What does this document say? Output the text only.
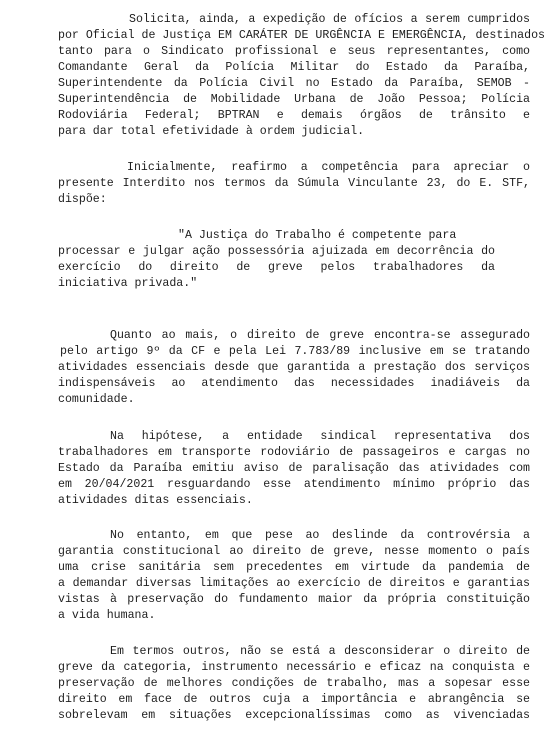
Solicita, ainda, a expedição de ofícios a serem cumpridos
por Oficial de Justiça EM CARÁTER DE URGÊNCIA E EMERGÊNCIA, destinados
tanto para o Sindicato profissional e seus representantes, como
Comandante Geral da Polícia Militar do Estado da Paraíba,
Superintendente da Polícia Civil no Estado da Paraíba, SEMOB -
Superintendência de Mobilidade Urbana de João Pessoa; Polícia
Rodoviária Federal; BPTRAN e demais órgãos de trânsito e
para dar total efetividade à ordem judicial.
Inicialmente, reafirmo a competência para apreciar o
presente Interdito nos termos da Súmula Vinculante 23, do E. STF,
dispõe:
"A Justiça do Trabalho é competente para
processar e julgar ação possessória ajuizada em decorrência do
exercício do direito de greve pelos trabalhadores da
iniciativa privada."
Quanto ao mais, o direito de greve encontra-se assegurado
pelo artigo 9º da CF e pela Lei 7.783/89 inclusive em se tratando
atividades essenciais desde que garantida a prestação dos serviços
indispensáveis ao atendimento das necessidades inadiáveis da
comunidade.
Na hipótese, a entidade sindical representativa dos
trabalhadores em transporte rodoviário de passageiros e cargas no
Estado da Paraíba emitiu aviso de paralisação das atividades com
em 20/04/2021 resguardando esse atendimento mínimo próprio das
atividades ditas essenciais.
No entanto, em que pese ao deslinde da controvérsia a
garantia constitucional ao direito de greve, nesse momento o país
uma crise sanitária sem precedentes em virtude da pandemia de
a demandar diversas limitações ao exercício de direitos e garantias
vistas à preservação do fundamento maior da própria constituição
a vida humana.
Em termos outros, não se está a desconsiderar o direito de
greve da categoria, instrumento necessário e eficaz na conquista e
preservação de melhores condições de trabalho, mas a sopesar esse
direito em face de outros cuja a importância e abrangência se
sobrelevam em situações excepcionalíssimas como as vivenciadas
